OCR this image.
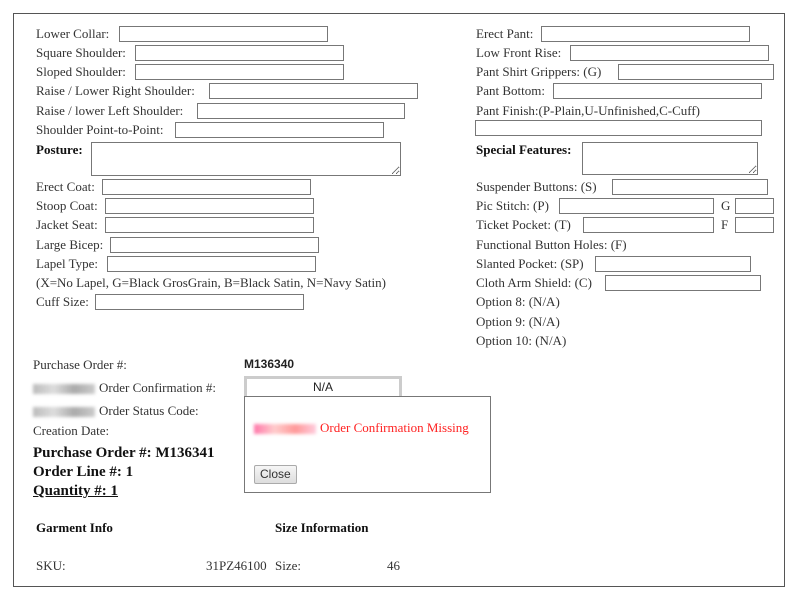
Lower Collar:
Square Shoulder:
Sloped Shoulder:
Raise / Lower Right Shoulder:
Raise / lower Left Shoulder:
Shoulder Point-to-Point:
Posture:
Erect Coat:
Stoop Coat:
Jacket Seat:
Large Bicep:
Lapel Type:
(X=No Lapel, G=Black GrosGrain, B=Black Satin, N=Navy Satin)
Cuff Size:
Erect Pant:
Low Front Rise:
Pant Shirt Grippers: (G)
Pant Bottom:
Pant Finish:(P-Plain,U-Unfinished,C-Cuff)
Special Features:
Suspender Buttons: (S)
Pic Stitch: (P)	G
Ticket Pocket: (T)	F
Functional Button Holes: (F)
Slanted Pocket: (SP)
Cloth Arm Shield: (C)
Option 8: (N/A)
Option 9: (N/A)
Option 10: (N/A)
Purchase Order #:	M136340
Order Confirmation #:	N/A
Order Status Code:
Creation Date:
Purchase Order #: M136341
Order Line #: 1
Quantity #: 1
Garment Info	Size Information
SKU:	31PZ46100 Size:	46
Order Confirmation Missing
Close
